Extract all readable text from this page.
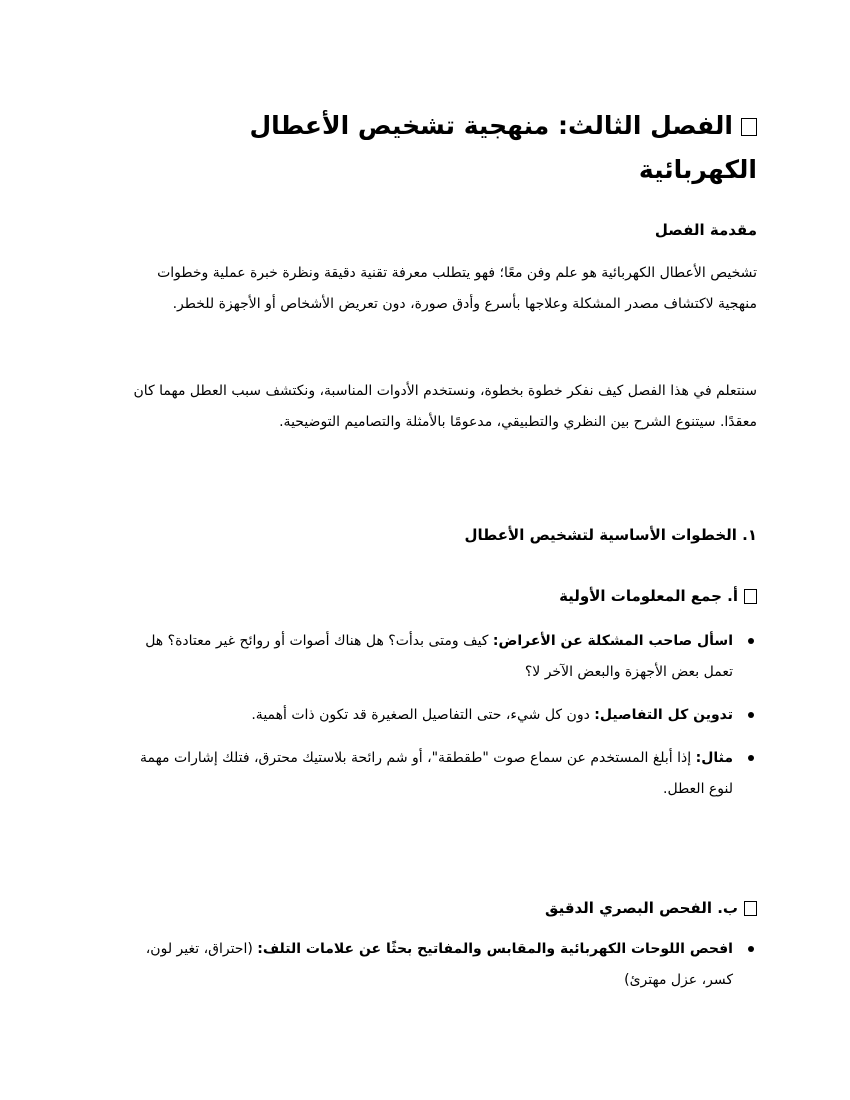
الفصل الثالث: منهجية تشخيص الأعطال الكهربائية
مقدمة الفصل
تشخيص الأعطال الكهربائية هو علم وفن معًا؛ فهو يتطلب معرفة تقنية دقيقة ونظرة خبرة عملية وخطوات منهجية لاكتشاف مصدر المشكلة وعلاجها بأسرع وأدق صورة، دون تعريض الأشخاص أو الأجهزة للخطر.
سنتعلم في هذا الفصل كيف نفكر خطوة بخطوة، ونستخدم الأدوات المناسبة، ونكتشف سبب العطل مهما كان معقدًا. سيتنوع الشرح بين النظري والتطبيقي، مدعومًا بالأمثلة والتصاميم التوضيحية.
١. الخطوات الأساسية لتشخيص الأعطال
أ. جمع المعلومات الأولية
اسأل صاحب المشكلة عن الأعراض: كيف ومتى بدأت؟ هل هناك أصوات أو روائح غير معتادة؟ هل تعمل بعض الأجهزة والبعض الآخر لا؟
تدوين كل التفاصيل: دون كل شيء، حتى التفاصيل الصغيرة قد تكون ذات أهمية.
مثال: إذا أبلغ المستخدم عن سماع صوت "طقطقة"، أو شم رائحة بلاستيك محترق، فتلك إشارات مهمة لنوع العطل.
ب. الفحص البصري الدقيق
افحص اللوحات الكهربائية والمقابس والمفاتيح بحثًا عن علامات التلف: (احتراق، تغير لون، كسر، عزل مهترئ)
